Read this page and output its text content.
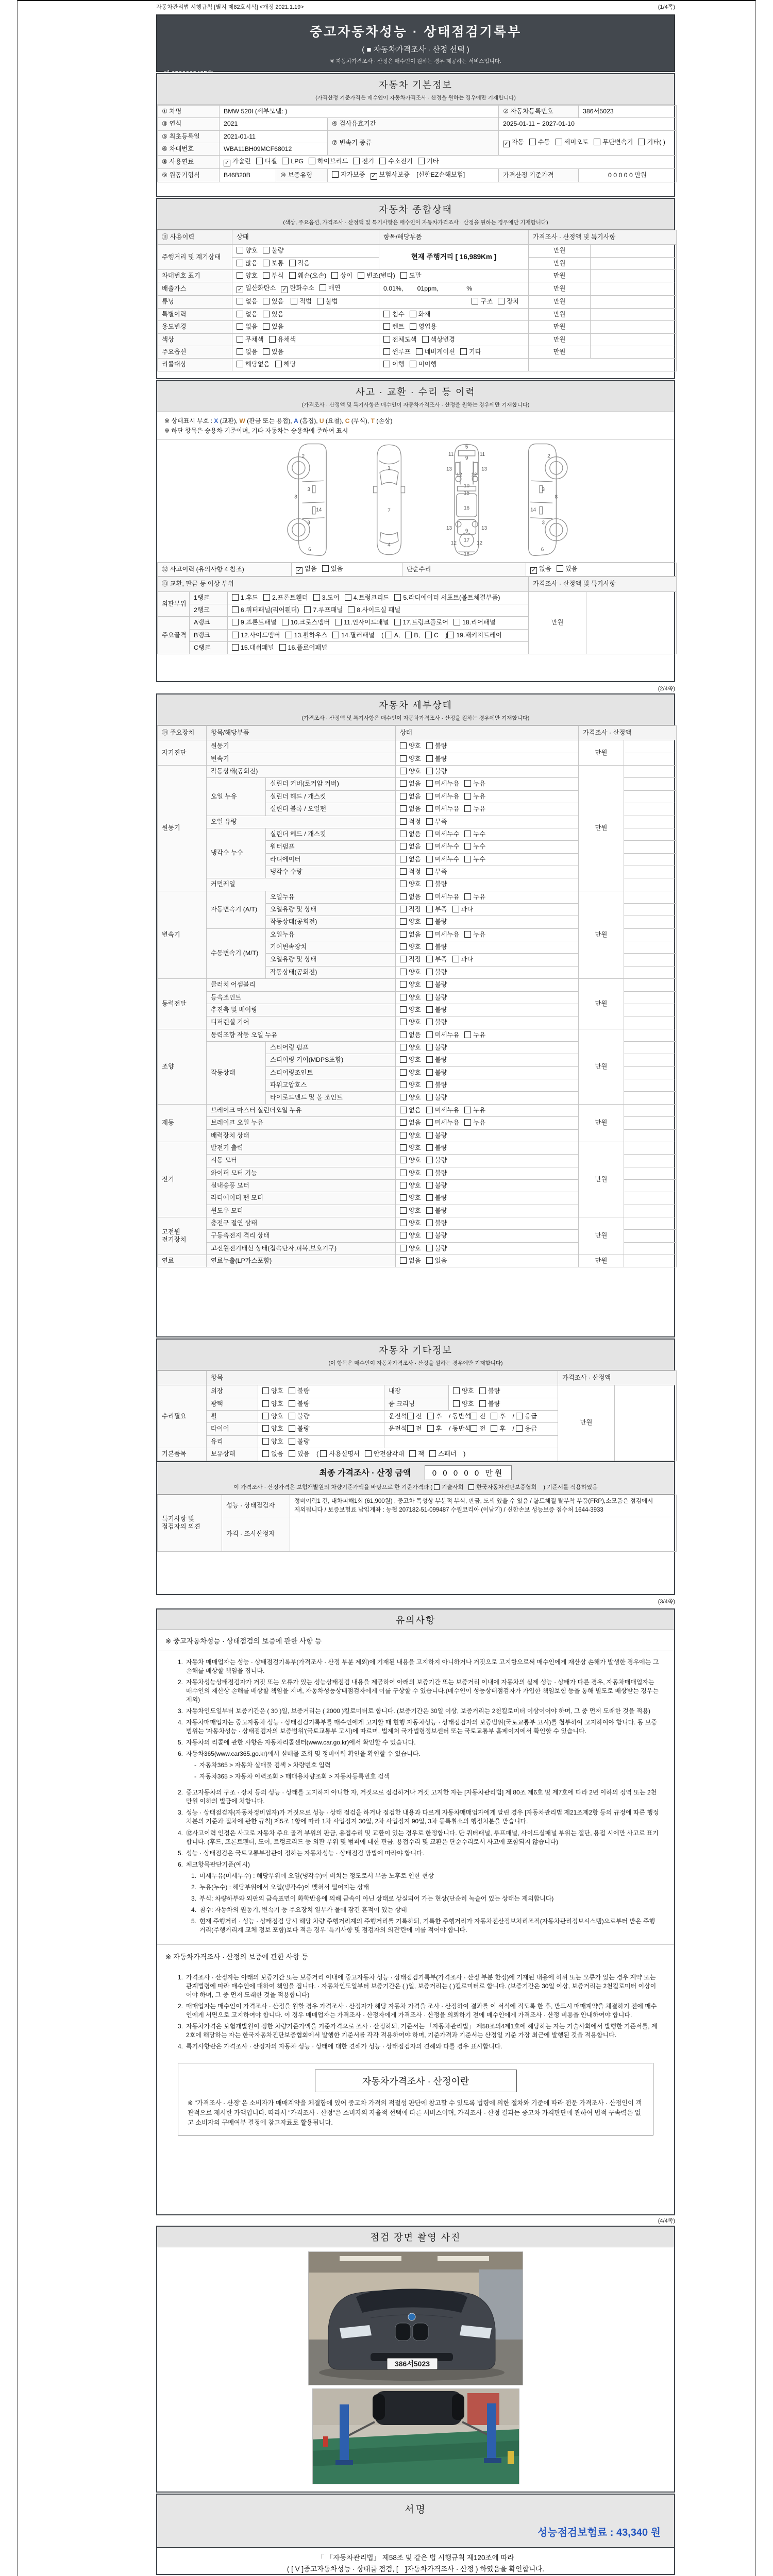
자동차관리법 시행규칙 [별지 제82호서식] <개정 2021.1.19>	(1/4쪽)
중고자동차성능 · 상태점검기록부
( ■ 자동차가격조사 · 산정 선택 )
※ 자동차가격조사 · 산정은 매수인이 원하는 경우 제공하는 서비스입니다.
자동차 기본정보
(가격산정 기준가격은 매수인이 자동차가격조사 · 산정을 원하는 경우에만 기재합니다)
① 차명	BMW 520I (세부모델: )			② 자동차등록번호	386서5023
③ 연식	2021		④ 검사유효기간	2025-01-11 ~ 2027-01-10	
⑤ 최초등록일	2021-01-11		⑦ 변속기 종류	✓ 자동 수동 세미오토 무단변속기 기타( )	
⑥ 차대번호	WBA11BH09MCF68012				
⑧ 사용연료	✓ 가솔린 디젤 LPG 하이브리드 전기 수소전기 기타				
⑨ 원동기형식	B46B20B	⑩ 보증유형	자가보증 ✓ 보험사보증 [신한EZ손해보험]	가격산정 기준가격	0 0 0 0 0 만원
자동차 종합상태
(색상, 주요옵션, 가격조사 · 산정액 및 특기사항은 매수인이 자동차가격조사 · 산정을 원하는 경우에만 기재합니다)
⑪ 사용이력	상태	항목/해당부품	가격조사 · 산정액 및 특기사항	
주행거리 및 계기상태	양호 불량	현재 주행거리 [ 16,989Km ]	만원	
	많음 보통 적음		만원	
차대번호 표기	양호 부식 훼손(오손) 상이 변조(변타) 도말		만원	
배출가스	✓ 일산화탄소 ✓ 탄화수소 매연	0.01%,        01ppm,                %	만원	
튜닝	없음 있음 적법 불법	구조 장치	만원	
특별이력	없음 있음	침수 화재	만원	
용도변경	없음 있음	렌트 영업용	만원	
색상	무채색 유채색	전체도색 색상변경	만원	
주요옵션	없음 있음	썬루프 네비게이션 기타	만원	
리콜대상	해당없음 해당	이행 미이행		
사고 · 교환 · 수리 등 이력
(가격조사 · 산정액 및 특기사항은 매수인이 자동차가격조사 · 산정을 원하는 경우에만 기재합니다)
※ 상태표시 부호 : X (교환), W (판금 또는 용접), A (흠집), U (요철), C (부식), T (손상)
※ 하단 항목은 승용차 기준이며, 기타 자동차는 승용차에 준하여 표시
2
8
3
14
3
6
1
7
4
5
11	11
9
13	13
12 12
10
15
16
13	13
9
12	12
17
18
2
8
3
14
3
6
⑫ 사고이력 (유의사항 4 참조)	✓ 없음 있음	단순수리	✓ 없음 있음
⑬ 교환, 판금 등 이상 부위			가격조사 · 산정액 및 특기사항	
외판부위	1랭크	1.후드 2.프론트휀더 3.도어 4.트렁크리드 5.라디에이터 서포트(볼트체결부품)	만원	
	2랭크	6.쿼터패널(리어휀더) 7.루프패널 8.사이드실 패널		
주요골격	A랭크	9.프론트패널 10.크로스멤버 11.인사이드패널 17.트렁크플로어 18.리어패널		
	B랭크	12.사이드멤버 13.휠하우스 14.필러패널 ( A, B, C ) 19.패키지트레이		
	C랭크	15.대쉬패널 16.플로어패널		
(2/4쪽)
자동차 세부상태
(가격조사 · 산정액 및 특기사항은 매수인이 자동차가격조사 · 산정을 원하는 경우에만 기재합니다)
⑭ 주요장치	항목/해당부품		상태	가격조사 · 산정액	
자기진단	원동기		양호 불량	만원	
	변속기		양호 불량		
원동기	작동상태(공회전)		양호 불량	만원	
	오일 누유	실린더 커버(로커암 커버)	없음 미세누유 누유		
		실린더 헤드 / 개스킷	없음 미세누유 누유		
		실린더 블록 / 오일팬	없음 미세누유 누유		
	오일 유량		적정 부족		
	냉각수 누수	실린더 헤드 / 개스킷	없음 미세누수 누수		
		워터펌프	없음 미세누수 누수		
		라디에이터	없음 미세누수 누수		
		냉각수 수량	적정 부족		
	커먼레일		양호 불량		
변속기	자동변속기 (A/T)	오일누유	없음 미세누유 누유	만원	
		오일유량 및 상태	적정 부족 과다		
		작동상태(공회전)	양호 불량		
	수동변속기 (M/T)	오일누유	없음 미세누유 누유		
		기어변속장치	양호 불량		
		오일유량 및 상태	적정 부족 과다		
		작동상태(공회전)	양호 불량		
동력전달	클러치 어셈블리		양호 불량	만원	
	등속조인트		양호 불량		
	추진축 및 베어링		양호 불량		
	디퍼렌셜 기어		양호 불량		
조향	동력조향 작동 오일 누유		없음 미세누유 누유	만원	
	작동상태	스티어링 펌프	양호 불량		
		스티어링 기어(MDPS포함)	양호 불량		
		스티어링조인트	양호 불량		
		파워고압호스	양호 불량		
		타이로드엔드 및 볼 조인트	양호 불량		
제동	브레이크 마스터 실린더오일 누유		없음 미세누유 누유	만원	
	브레이크 오일 누유		없음 미세누유 누유		
	배력장치 상태		양호 불량		
전기	발전기 출력		양호 불량	만원	
	시동 모터		양호 불량		
	와이퍼 모터 기능		양호 불량		
	실내송풍 모터		양호 불량		
	라디에이터 팬 모터		양호 불량		
	윈도우 모터		양호 불량		
고전원 전기장치	충전구 절연 상태		양호 불량	만원	
	구동축전지 격리 상태		양호 불량		
	고전원전기배선 상태(접속단자,피복,보호기구)		양호 불량		
연료	연료누출(LP가스포함)		없음 있음	만원	
자동차 기타정보
(이 항목은 매수인이 자동차가격조사 · 산정을 원하는 경우에만 기재합니다)
	항목				가격조사 · 산정액	
수리필요	외장	양호 불량	내장	양호 불량	만원	
	광택	양호 불량	룸 크리닝	양호 불량		
	휠	양호 불량	운전석 전 후 / 동반석 전 후 / 응급			
	타이어	양호 불량	운전석 전 후 / 동반석 전 후 / 응급			
	유리	양호 불량				
기본품목	보유상태	없음 있음 ( 사용설명서 안전삼각대 잭 스패너 )				
최종 가격조사 · 산정 금액	0 0 0 0 0 만원
이 가격조사 · 산정가격은 보험개발원의 차량기준가액을 바탕으로 한 기준가격과 ( 기술사회 한국자동차진단보증협회 ) 기준서를 적용하였음
특기사항 및 점검자의 의견	성능 · 상태점검자	정비이력1 건, 내차피해1회 (61,900원) , 중고차 특성상 부분적 부식, 판금, 도색 있을 수 있음 / 볼트체결 탈부착 부품(FRP),소모품은 점검에서 제외됩니다 / 보증보험료 납입계좌 : 농협 207182-51-099487 수원코리아 (이남기) / 신한손보 성능보증 접수처 1644-3933
	가격 · 조사산정자	
(3/4쪽)
유의사항
※ 중고자동차성능 · 상태점검의 보증에 관한 사항 등
1. 자동차 매매업자는 성능 · 상태점검기록부(가격조사 · 산정 부분 제외)에 기재된 내용을 고지하지 아니하거나 거짓으로 고지함으로써 매수인에게 재산상 손해가 발생한 경우에는 그 손해를 배상할 책임을 집니다.
2. 자동차성능상태점검자가 거짓 또는 오류가 있는 성능상태점검 내용을 제공하여 아래의 보증기간 또는 보증거리 이내에 자동차의 실제 성능 · 상태가 다른 경우, 자동차매매업자는 매수인의 재산상 손해를 배상할 책임을 지며, 자동차성능상태점검자에게 이를 구상할 수 있습니다.(매수인이 성능상태점검자가 가입한 책임보험 등을 통해 별도로 배상받는 경우는 제외)
3. 자동차인도일부터 보증기간은 ( 30 )일, 보증거리는 ( 2000 )킬로미터로 합니다. (보증기간은 30일 이상, 보증거리는 2천킬로미터 이상이어야 하며, 그 중 먼저 도래한 것을 적용)
4. 자동차매매업자는 중고자동차 성능 · 상태점검기록부를 매수인에게 고지할 때 현행 자동차성능 · 상태점검자의 보증범위(국토교통부 고시)를 첨부하여 고지하여야 합니다. 동 보증범위는 '자동차성능 · 상태점검자의 보증범위'(국토교통부 고시)에 따르며, 법제처 국가법령정보센터 또는 국토교통부 홈페이지에서 확인할 수 있습니다.
5. 자동차의 리콜에 관한 사항은 자동차리콜센터(www.car.go.kr)에서 확인할 수 있습니다.
6. 자동차365(www.car365.go.kr)에서 실매물 조회 및 정비이력 확인을 확인할 수 있습니다.
- 자동차365 > 자동차 실매물 검색 > 차량번호 입력
- 자동차365 > 자동차 이력조회 > 매매용차량조회 > 자동차등록번호 검색
2. 중고자동차의 구조 · 장치 등의 성능 · 상태를 고지하지 아니한 자, 거짓으로 점검하거나 거짓 고지한 자는 [자동차관리법] 제 80조 제6호 및 제7호에 따라 2년 이하의 징역 또는 2천만원 이하의 벌금에 처합니다.
3. 성능 · 상태점검자(자동차정비업자)가 거짓으로 성능 · 상태 점검을 하거나 점검한 내용과 다르게 자동차매매업자에게 알린 경우 [자동차관리법 제21조제2항 등의 규정에 따른 행정처분의 기준과 절차에 관한 규칙] 제5조 1항에 따라 1차 사업정지 30일, 2차 사업정지 90일, 3차 등록취소의 행정처분을 받습니다.
4. ⑫사고이력 인정은 사고로 자동차 주요 골격 부위의 판금, 용접수리 및 교환이 있는 경우로 한정합니다. 단 쿼터패널, 루프패널, 사이드실패널 부위는 절단, 용접 시에만 사고로 표기합니다. (후드, 프론트펜더, 도어, 트렁크리드 등 외판 부위 및 범퍼에 대한 판금, 용접수리 및 교환은 단순수리로서 사고에 포함되지 않습니다)
5. 성능 · 상태점검은 국토교통부장관이 정하는 자동차성능 · 상태점검 방법에 따라야 합니다.
6. 체크항목판단기준(예시)
1. 미세누유(미세누수) : 해당부위에 오일(냉각수)이 비치는 정도로서 부품 노후로 인한 현상
2. 누유(누수) : 해당부위에서 오일(냉각수)이 맺혀서 떨어지는 상태
3. 부식: 차량하부와 외판의 금속표면이 화학반응에 의해 금속이 아닌 상태로 상실되어 가는 현상(단순히 녹슬어 있는 상태는 제외합니다)
4. 침수: 자동차의 원동기, 변속기 등 주요장치 일부가 물에 잠긴 흔적이 있는 상태
5. 현재 주행거리 · 성능 · 상태점검 당시 해당 차량 주행거리계의 주행거리를 기록하되, 기록한 주행거리가 자동차전산정보처리조직(자동차관리정보시스템)으로부터 받은 주행거리(주행거리계 교체 정보 포함)보다 적은 경우 '특기사항 및 점검자의 의견'란에 이를 적어야 합니다.
※ 자동차가격조사 · 산정의 보증에 관한 사항 등
1. 가격조사 · 산정자는 아래의 보증기간 또는 보증거리 이내에 중고자동차 성능 · 상태점검기록부(가격조사 · 산정 부분 한정)에 기재된 내용에 허위 또는 오류가 있는 경우 계약 또는 관계법령에 따라 매수인에 대하여 책임을 집니다. · 자동차인도일부터 보증기간은 ( )일, 보증거리는 ( )킬로미터로 합니다. (보증기간은 30일 이상, 보증거리는 2천킬로미터 이상이어야 하며, 그 중 먼저 도래한 것을 적용합니다)
2. 매매업자는 매수인이 가격조사 · 산정을 원할 경우 가격조사 · 산정자가 해당 자동차 가격을 조사 · 산정하여 결과를 이 서식에 적도록 한 후, 반드시 매매계약을 체결하기 전에 매수인에게 서면으로 고지하여야 합니다. 이 경우 매매업자는 가격조사 · 산정자에게 가격조사 · 산정을 의뢰하기 전에 매수인에게 가격조사 · 산정 비용을 안내하여야 합니다.
3. 자동차가격은 보험개발원이 정한 차량기준가액을 기준가격으로 조사 · 산정하되, 기준서는 「자동차관리법」 제58조의4제1호에 해당하는 자는 기술사회에서 발행한 기준서를, 제2호에 해당하는 자는 한국자동차진단보증협회에서 발행한 기준서를 각각 적용하여야 하며, 기준가격과 기준서는 산정일 기준 가장 최근에 발행된 것을 적용합니다.
4. 특기사항란은 가격조사 · 산정자의 자동차 성능 · 상태에 대한 견해가 성능 · 상태점검자의 견해와 다를 경우 표시합니다.
자동차가격조사 · 산정이란
※ "가격조사 · 산정"은 소비자가 매매계약을 체결함에 있어 중고차 가격의 적절성 판단에 참고할 수 있도록 법령에 의한 절차와 기준에 따라 전문 가격조사 · 산정인이 객관적으로 제시한 가액입니다. 따라서 "가격조사 · 산정"은 소비자의 자율적 선택에 따른 서비스이며, 가격조사 · 산정 결과는 중고차 가격판단에 관하여 법적 구속력은 없고 소비자의 구매여부 결정에 참고자료로 활용됩니다.
(4/4쪽)
점검 장면 촬영 사진
386서5023

서명
성능점검보험료 : 43,340 원
「 「자동차관리법」 제58조 및 같은 법 시행규칙 제120조에 따라
( [ V ]중고자동차성능 · 상태를 점검, [　]자동차가격조사 · 산정 ) 하였음을 확인합니다.
